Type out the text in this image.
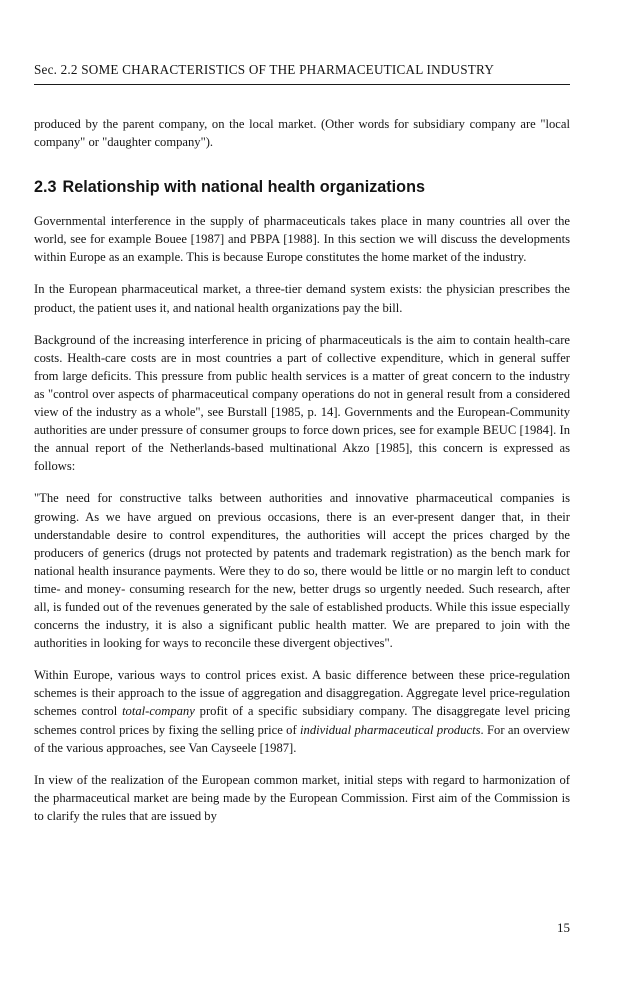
Sec. 2.2 SOME CHARACTERISTICS OF THE PHARMACEUTICAL INDUSTRY

produced by the parent company, on the local market. (Other words for subsidiary company are "local company" or "daughter company").

2.3 Relationship with national health organizations

Governmental interference in the supply of pharmaceuticals takes place in many countries all over the world, see for example Bouee [1987] and PBPA [1988]. In this section we will discuss the developments within Europe as an example. This is because Europe constitutes the home market of the industry.

In the European pharmaceutical market, a three-tier demand system exists: the physician prescribes the product, the patient uses it, and national health organizations pay the bill.

Background of the increasing interference in pricing of pharmaceuticals is the aim to contain health-care costs. Health-care costs are in most countries a part of collective expenditure, which in general suffer from large deficits. This pressure from public health services is a matter of great concern to the industry as "control over aspects of pharmaceutical company operations do not in general result from a considered view of the industry as a whole", see Burstall [1985, p. 14]. Governments and the European-Community authorities are under pressure of consumer groups to force down prices, see for example BEUC [1984]. In the annual report of the Netherlands-based multinational Akzo [1985], this concern is expressed as follows:

"The need for constructive talks between authorities and innovative pharmaceutical companies is growing. As we have argued on previous occasions, there is an ever-present danger that, in their understandable desire to control expenditures, the authorities will accept the prices charged by the producers of generics (drugs not protected by patents and trademark registration) as the bench mark for national health insurance payments. Were they to do so, there would be little or no margin left to conduct time- and money- consuming research for the new, better drugs so urgently needed. Such research, after all, is funded out of the revenues generated by the sale of established products. While this issue especially concerns the industry, it is also a significant public health matter. We are prepared to join with the authorities in looking for ways to reconcile these divergent objectives".

Within Europe, various ways to control prices exist. A basic difference between these price-regulation schemes is their approach to the issue of aggregation and disaggregation. Aggregate level price-regulation schemes control total-company profit of a specific subsidiary company. The disaggregate level pricing schemes control prices by fixing the selling price of individual pharmaceutical products. For an overview of the various approaches, see Van Cayseele [1987].

In view of the realization of the European common market, initial steps with regard to harmonization of the pharmaceutical market are being made by the European Commission. First aim of the Commission is to clarify the rules that are issued by

15
